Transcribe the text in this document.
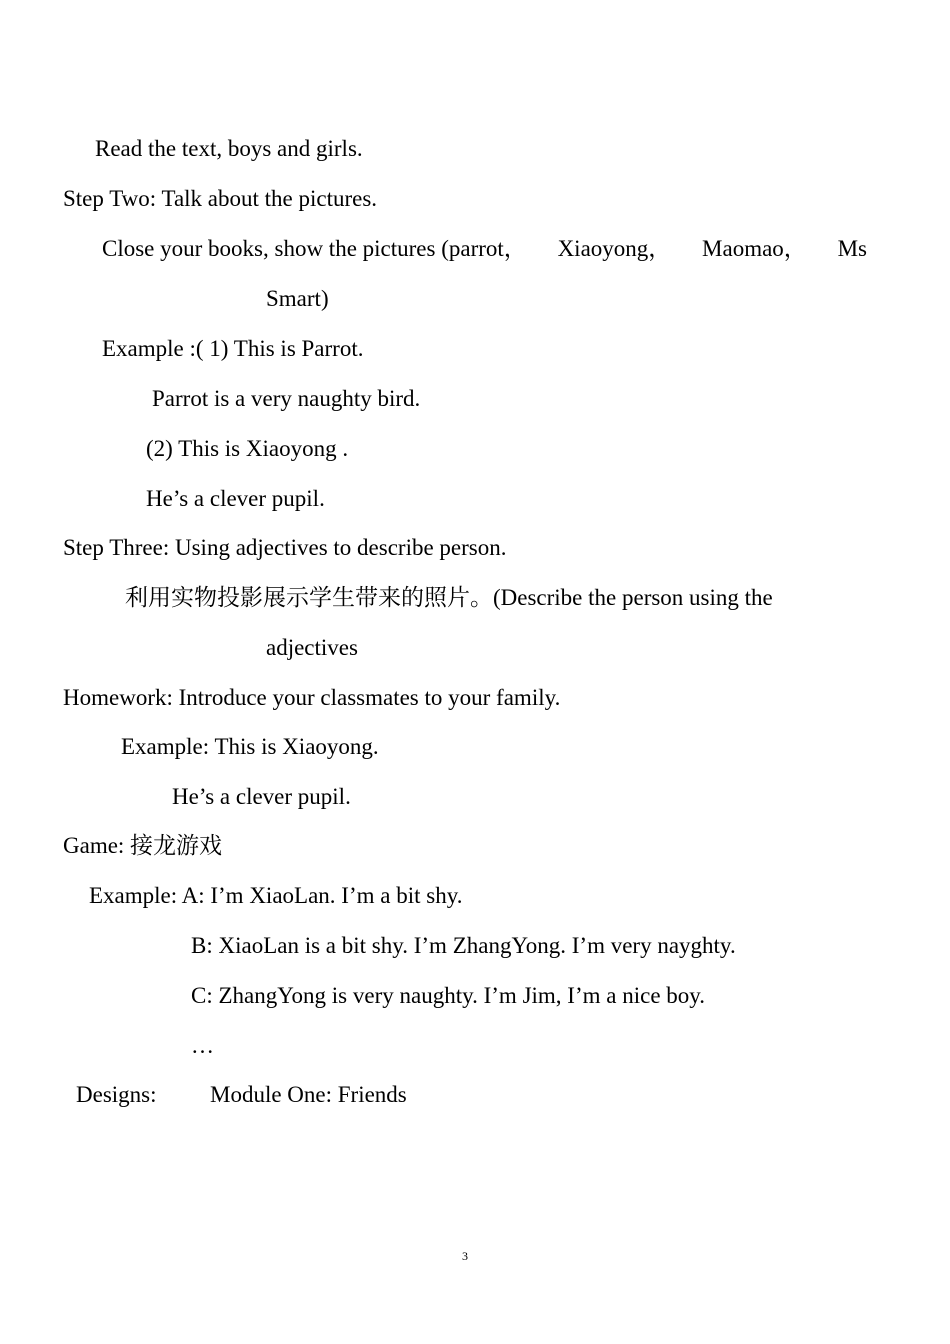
Read the text, boys and girls.
Step Two: Talk about the pictures.
Close your books, show the pictures (parrot， Xiaoyong， Maomao， Ms
Smart)
Example :( 1) This is Parrot.
Parrot is a very naughty bird.
(2) This is Xiaoyong .
He’s a clever pupil.
Step Three: Using adjectives to describe person.
利用实物投影展示学生带来的照片。(Describe the person using the
adjectives
Homework: Introduce your classmates to your family.
Example: This is Xiaoyong.
He’s a clever pupil.
Game: 接龙游戏
Example: A: I’m XiaoLan. I’m a bit shy.
B: XiaoLan is a bit shy. I’m ZhangYong. I’m very nayghty.
C: ZhangYong is very naughty. I’m Jim, I’m a nice boy.
…
Designs: Module One: Friends
3
